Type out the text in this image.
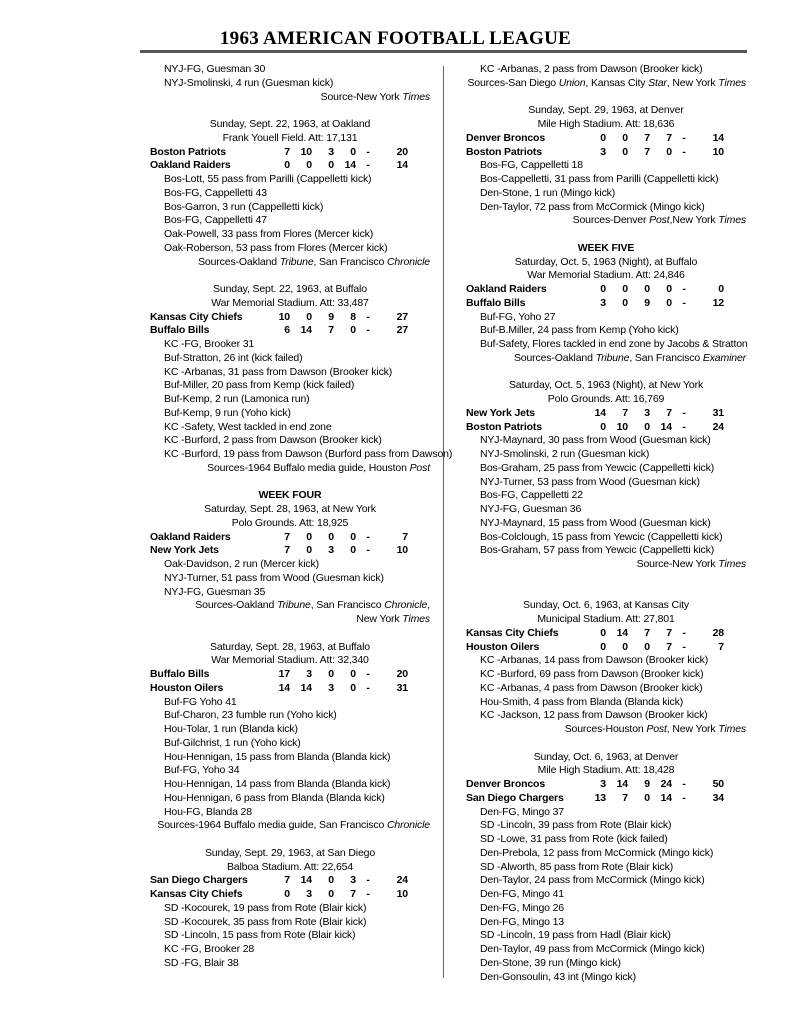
1963 AMERICAN FOOTBALL LEAGUE
NYJ-FG, Guesman 30
NYJ-Smolinski, 4 run (Guesman kick)
Source-New York Times
Sunday, Sept. 22, 1963, at Oakland
Frank Youell Field. Att: 17,131
Boston Patriots	7	10	3	0 -	20
Oakland Raiders	0	0	0	14 -	14
Bos-Lott, 55 pass from Parilli (Cappelletti kick)
Bos-FG, Cappelletti 43
Bos-Garron, 3 run (Cappelletti kick)
Bos-FG, Cappelletti 47
Oak-Powell, 33 pass from Flores (Mercer kick)
Oak-Roberson, 53 pass from Flores (Mercer kick)
Sources-Oakland Tribune, San Francisco Chronicle
Sunday, Sept. 22, 1963, at Buffalo
War Memorial Stadium. Att: 33,487
Kansas City Chiefs	10	0	9	8 -	27
Buffalo Bills	6	14	7	0 -	27
KC -FG, Brooker 31
Buf-Stratton, 26 int (kick failed)
KC -Arbanas, 31 pass from Dawson (Brooker kick)
Buf-Miller, 20 pass from Kemp (kick failed)
Buf-Kemp, 2 run (Lamonica run)
Buf-Kemp, 9 run (Yoho kick)
KC -Safety, West tackled in end zone
KC -Burford, 2 pass from Dawson (Brooker kick)
KC -Burford, 19 pass from Dawson (Burford pass from Dawson)
Sources-1964 Buffalo media guide, Houston Post
WEEK FOUR
Saturday, Sept. 28, 1963, at New York
Polo Grounds. Att: 18,925
Oakland Raiders	7	0	0	0 -	7
New York Jets	7	0	3	0 -	10
Oak-Davidson, 2 run (Mercer kick)
NYJ-Turner, 51 pass from Wood (Guesman kick)
NYJ-FG, Guesman 35
Sources-Oakland Tribune, San Francisco Chronicle,
New York Times
Saturday, Sept. 28, 1963, at Buffalo
War Memorial Stadium. Att: 32,340
Buffalo Bills	17	3	0	0 -	20
Houston Oilers	14	14	3	0 -	31
Buf-FG Yoho 41
Buf-Charon, 23 fumble run (Yoho kick)
Hou-Tolar, 1 run (Blanda kick)
Buf-Gilchrist, 1 run (Yoho kick)
Hou-Hennigan, 15 pass from Blanda (Blanda kick)
Buf-FG, Yoho 34
Hou-Hennigan, 14 pass from Blanda (Blanda kick)
Hou-Hennigan, 6 pass from Blanda (Blanda kick)
Hou-FG, Blanda 28
Sources-1964 Buffalo media guide, San Francisco Chronicle
Sunday, Sept. 29, 1963, at San Diego
Balboa Stadium. Att: 22,654
San Diego Chargers	7	14	0	3 -	24
Kansas City Chiefs	0	3	0	7 -	10
SD -Kocourek, 19 pass from Rote (Blair kick)
SD -Kocourek, 35 pass from Rote (Blair kick)
SD -Lincoln, 15 pass from Rote (Blair kick)
KC -FG, Brooker 28
SD -FG, Blair 38
KC -Arbanas, 2 pass from Dawson (Brooker kick)
Sources-San Diego Union, Kansas City Star, New York Times
Sunday, Sept. 29, 1963, at Denver
Mile High Stadium. Att: 18,636
Denver Broncos	0	0	7	7 -	14
Boston Patriots	3	0	7	0 -	10
Bos-FG, Cappelletti 18
Bos-Cappelletti, 31 pass from Parilli (Cappelletti kick)
Den-Stone, 1 run (Mingo kick)
Den-Taylor, 72 pass from McCormick (Mingo kick)
Sources-Denver Post,New York Times
WEEK FIVE
Saturday, Oct. 5, 1963 (Night), at Buffalo
War Memorial Stadium. Att: 24,846
Oakland Raiders	0	0	0	0 -	0
Buffalo Bills	3	0	9	0 -	12
Buf-FG, Yoho 27
Buf-B.Miller, 24 pass from Kemp (Yoho kick)
Buf-Safety, Flores tackled in end zone by Jacobs & Stratton
Sources-Oakland Tribune, San Francisco Examiner
Saturday, Oct. 5, 1963 (Night), at New York
Polo Grounds. Att: 16,769
New York Jets	14	7	3	7 -	31
Boston Patriots	0	10	0	14 -	24
NYJ-Maynard, 30 pass from Wood (Guesman kick)
NYJ-Smolinski, 2 run (Guesman kick)
Bos-Graham, 25 pass from Yewcic (Cappelletti kick)
NYJ-Turner, 53 pass from Wood (Guesman kick)
Bos-FG, Cappelletti 22
NYJ-FG, Guesman 36
NYJ-Maynard, 15 pass from Wood (Guesman kick)
Bos-Colclough, 15 pass from Yewcic (Cappelletti kick)
Bos-Graham, 57 pass from Yewcic (Cappelletti kick)
Source-New York Times
Sunday, Oct. 6, 1963, at Kansas City
Municipal Stadium. Att: 27,801
Kansas City Chiefs	0	14	7	7 -	28
Houston Oilers	0	0	0	7 -	7
KC -Arbanas, 14 pass from Dawson (Brooker kick)
KC -Burford, 69 pass from Dawson (Brooker kick)
KC -Arbanas, 4 pass from Dawson (Brooker kick)
Hou-Smith, 4 pass from Blanda (Blanda kick)
KC -Jackson, 12 pass from Dawson (Brooker kick)
Sources-Houston Post, New York Times
Sunday, Oct. 6, 1963, at Denver
Mile High Stadium. Att: 18,428
Denver Broncos	3	14	9	24 -	50
San Diego Chargers	13	7	0	14 -	34
Den-FG, Mingo 37
SD -Lincoln, 39 pass from Rote (Blair kick)
SD -Lowe, 31 pass from Rote (kick failed)
Den-Prebola, 12 pass from McCormick (Mingo kick)
SD -Alworth, 85 pass from Rote (Blair kick)
Den-Taylor, 24 pass from McCormick (Mingo kick)
Den-FG, Mingo 41
Den-FG, Mingo 26
Den-FG, Mingo 13
SD -Lincoln, 19 pass from Hadl (Blair kick)
Den-Taylor, 49 pass from McCormick (Mingo kick)
Den-Stone, 39 run (Mingo kick)
Den-Gonsoulin, 43 int (Mingo kick)
